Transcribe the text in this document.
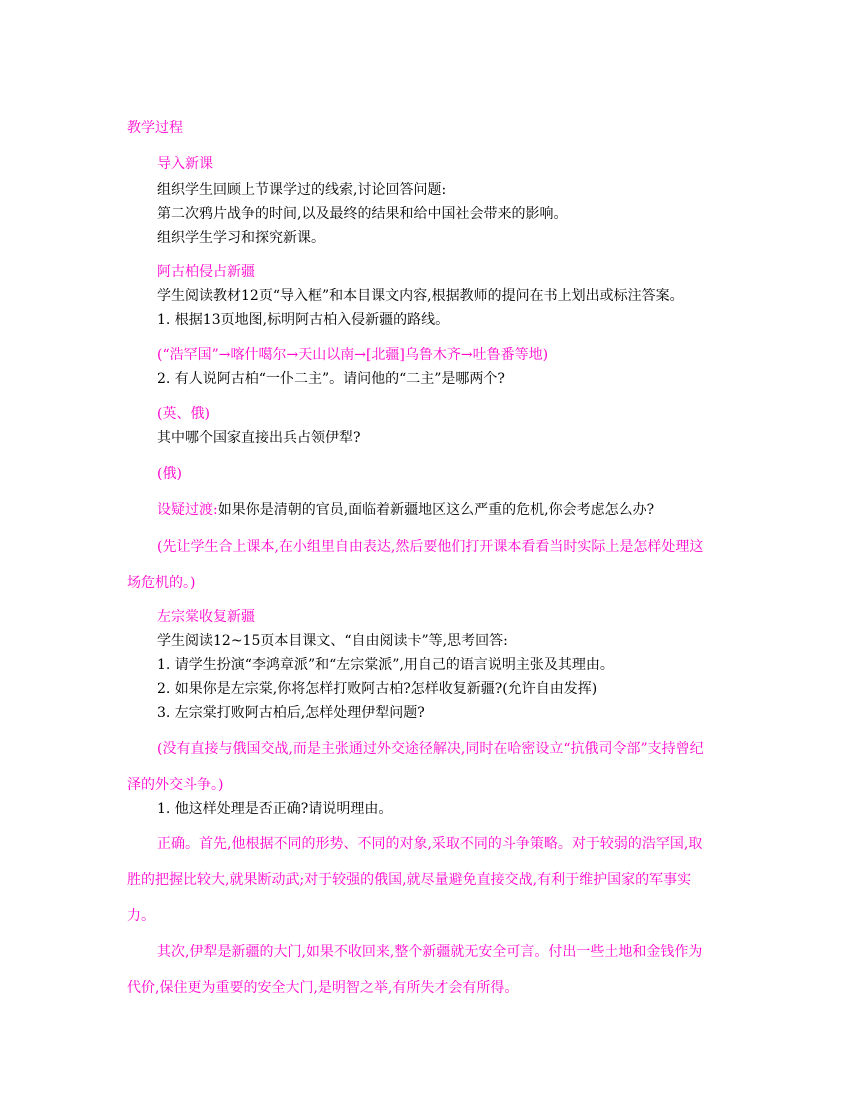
教学过程
导入新课
组织学生回顾上节课学过的线索,讨论回答问题:
第二次鸦片战争的时间,以及最终的结果和给中国社会带来的影响。
组织学生学习和探究新课。
阿古柏侵占新疆
学生阅读教材12页“导入框”和本目课文内容,根据教师的提问在书上划出或标注答案。
1. 根据13页地图,标明阿古柏入侵新疆的路线。
(“浩罕国”→喀什噶尔→天山以南→[北疆]乌鲁木齐→吐鲁番等地)
2. 有人说阿古柏“一仆二主”。请问他的“二主”是哪两个?
(英、俄)
其中哪个国家直接出兵占领伊犁?
(俄)
设疑过渡:如果你是清朝的官员,面临着新疆地区这么严重的危机,你会考虑怎么办?
(先让学生合上课本,在小组里自由表达,然后要他们打开课本看看当时实际上是怎样处理这
场危机的。)
左宗棠收复新疆
学生阅读12~15页本目课文、“自由阅读卡”等,思考回答:
1. 请学生扮演“李鸿章派”和“左宗棠派”,用自己的语言说明主张及其理由。
2. 如果你是左宗棠,你将怎样打败阿古柏?怎样收复新疆?(允许自由发挥)
3. 左宗棠打败阿古柏后,怎样处理伊犁问题?
(没有直接与俄国交战,而是主张通过外交途径解决,同时在哈密设立“抗俄司令部”支持曾纪
泽的外交斗争。)
1. 他这样处理是否正确?请说明理由。
正确。首先,他根据不同的形势、不同的对象,采取不同的斗争策略。对于较弱的浩罕国,取
胜的把握比较大,就果断动武;对于较强的俄国,就尽量避免直接交战,有利于维护国家的军事实
力。
其次,伊犁是新疆的大门,如果不收回来,整个新疆就无安全可言。付出一些土地和金钱作为
代价,保住更为重要的安全大门,是明智之举,有所失才会有所得。
